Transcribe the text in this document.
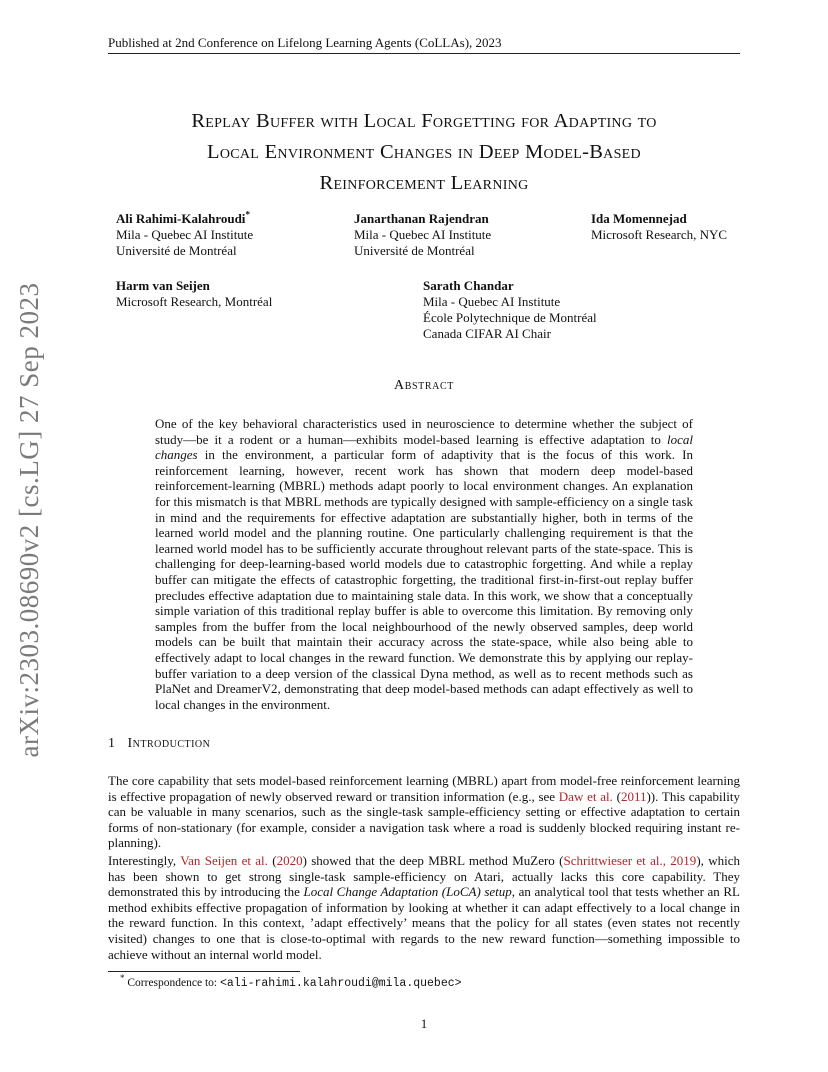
Published at 2nd Conference on Lifelong Learning Agents (CoLLAs), 2023
arXiv:2303.08690v2 [cs.LG] 27 Sep 2023
Replay Buffer with Local Forgetting for Adapting to
Local Environment Changes in Deep Model-Based
Reinforcement Learning
Ali Rahimi-Kalahroudi*
Mila - Quebec AI Institute
Université de Montréal
Janarthanan Rajendran
Mila - Quebec AI Institute
Université de Montréal
Ida Momennejad
Microsoft Research, NYC
Harm van Seijen
Microsoft Research, Montréal
Sarath Chandar
Mila - Quebec AI Institute
École Polytechnique de Montréal
Canada CIFAR AI Chair
Abstract
One of the key behavioral characteristics used in neuroscience to determine whether the subject of study—be it a rodent or a human—exhibits model-based learning is effective adaptation to local changes in the environment, a particular form of adaptivity that is the focus of this work. In reinforcement learning, however, recent work has shown that modern deep model-based reinforcement-learning (MBRL) methods adapt poorly to local environment changes. An explanation for this mismatch is that MBRL methods are typically designed with sample-efficiency on a single task in mind and the requirements for effective adaptation are substantially higher, both in terms of the learned world model and the planning routine. One particularly challenging requirement is that the learned world model has to be sufficiently accurate throughout relevant parts of the state-space. This is challenging for deep-learning-based world models due to catastrophic forgetting. And while a replay buffer can mitigate the effects of catastrophic forgetting, the traditional first-in-first-out replay buffer precludes effective adaptation due to maintaining stale data. In this work, we show that a conceptually simple variation of this traditional replay buffer is able to overcome this limitation. By removing only samples from the buffer from the local neighbourhood of the newly observed samples, deep world models can be built that maintain their accuracy across the state-space, while also being able to effectively adapt to local changes in the reward function. We demonstrate this by applying our replay-buffer variation to a deep version of the classical Dyna method, as well as to recent methods such as PlaNet and DreamerV2, demonstrating that deep model-based methods can adapt effectively as well to local changes in the environment.
1 Introduction
The core capability that sets model-based reinforcement learning (MBRL) apart from model-free reinforcement learning is effective propagation of newly observed reward or transition information (e.g., see Daw et al. (2011)). This capability can be valuable in many scenarios, such as the single-task sample-efficiency setting or effective adaptation to certain forms of non-stationary (for example, consider a navigation task where a road is suddenly blocked requiring instant re-planning).
Interestingly, Van Seijen et al. (2020) showed that the deep MBRL method MuZero (Schrittwieser et al., 2019), which has been shown to get strong single-task sample-efficiency on Atari, actually lacks this core capability. They demonstrated this by introducing the Local Change Adaptation (LoCA) setup, an analytical tool that tests whether an RL method exhibits effective propagation of information by looking at whether it can adapt effectively to a local change in the reward function. In this context, ’adapt effectively’ means that the policy for all states (even states not recently visited) changes to one that is close-to-optimal with regards to the new reward function—something impossible to achieve without an internal world model.
* Correspondence to: <ali-rahimi.kalahroudi@mila.quebec>
1
